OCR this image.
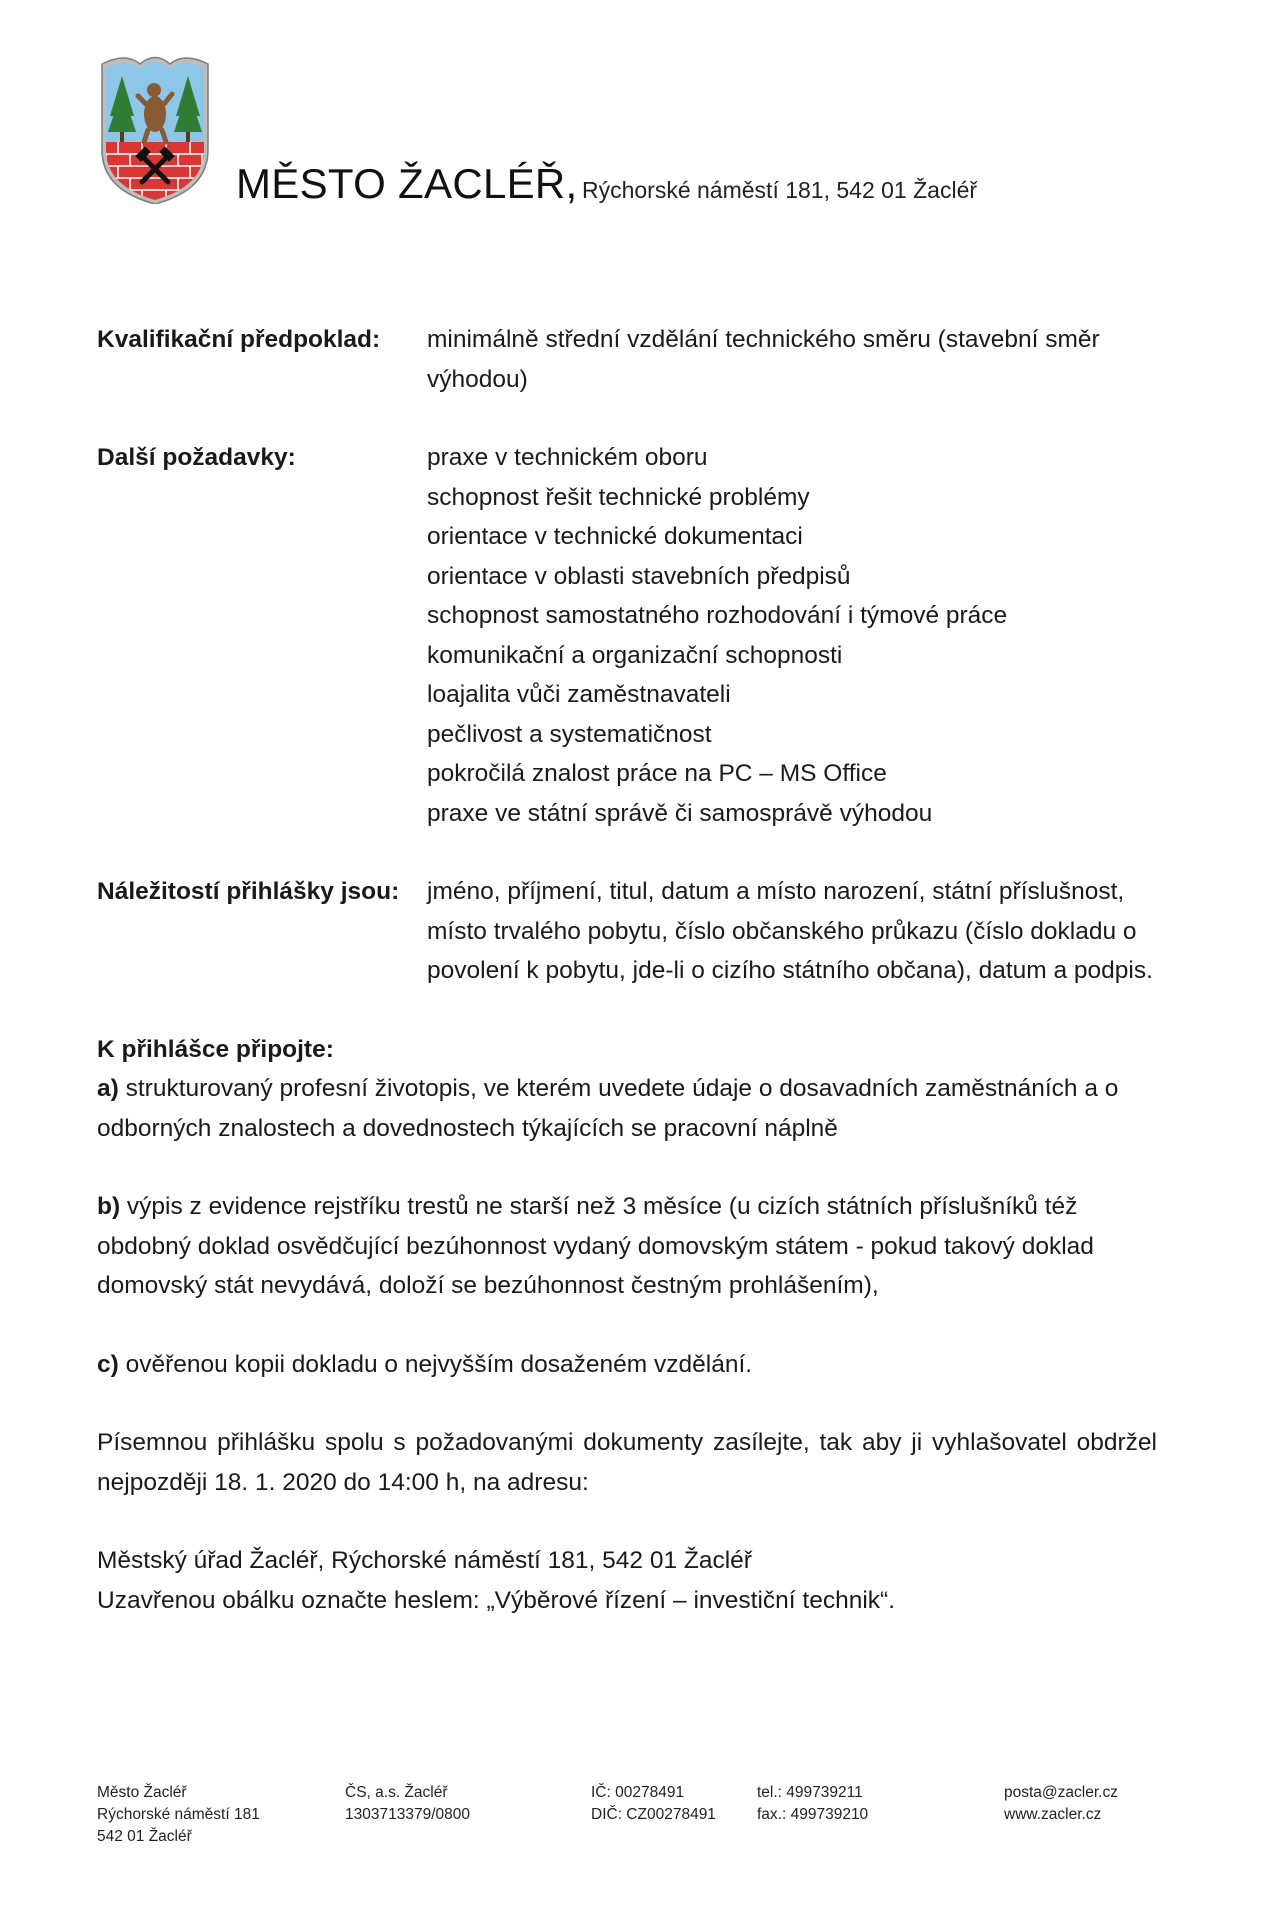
MĚSTO ŽACLÉŘ, Rýchorské náměstí 181, 542 01 Žacléř
Kvalifikační předpoklad:	minimálně střední vzdělání technického směru (stavební směr výhodou)
Další požadavky:	praxe v technickém oboru
schopnost řešit technické problémy
orientace v technické dokumentaci
orientace v oblasti stavebních předpisů
schopnost samostatného rozhodování i týmové práce
komunikační a organizační schopnosti
loajalita vůči zaměstnavateli
pečlivost a systematičnost
pokročilá znalost práce na PC – MS Office
praxe ve státní správě či samosprávě výhodou
Náležitostí přihlášky jsou:	jméno, příjmení, titul, datum a místo narození, státní příslušnost, místo trvalého pobytu, číslo občanského průkazu (číslo dokladu o povolení k pobytu, jde-li o cizího státního občana), datum a podpis.
K přihlášce připojte:

a) strukturovaný profesní životopis, ve kterém uvedete údaje o dosavadních zaměstnáních a o odborných znalostech a dovednostech týkajících se pracovní náplně

b) výpis z evidence rejstříku trestů ne starší než 3 měsíce (u cizích státních příslušníků též obdobný doklad osvědčující bezúhonnost vydaný domovským státem - pokud takový doklad domovský stát nevydává, doloží se bezúhonnost čestným prohlášením),

c) ověřenou kopii dokladu o nejvyšším dosaženém vzdělání.

Písemnou přihlášku spolu s požadovanými dokumenty zasílejte, tak aby ji vyhlašovatel obdržel nejpozději 18. 1. 2020 do 14:00 h, na adresu:

Městský úřad Žacléř, Rýchorské náměstí 181, 542 01 Žacléř
Uzavřenou obálku označte heslem: „Výběrové řízení – investiční technik“.

Město Žacléř
Rýchorské náměstí 181
542 01 Žacléř
ČS, a.s. Žacléř
1303713379/0800
IČ: 00278491
DIČ: CZ00278491
tel.: 499739211
fax.: 499739210
posta@zacler.cz
www.zacler.cz
